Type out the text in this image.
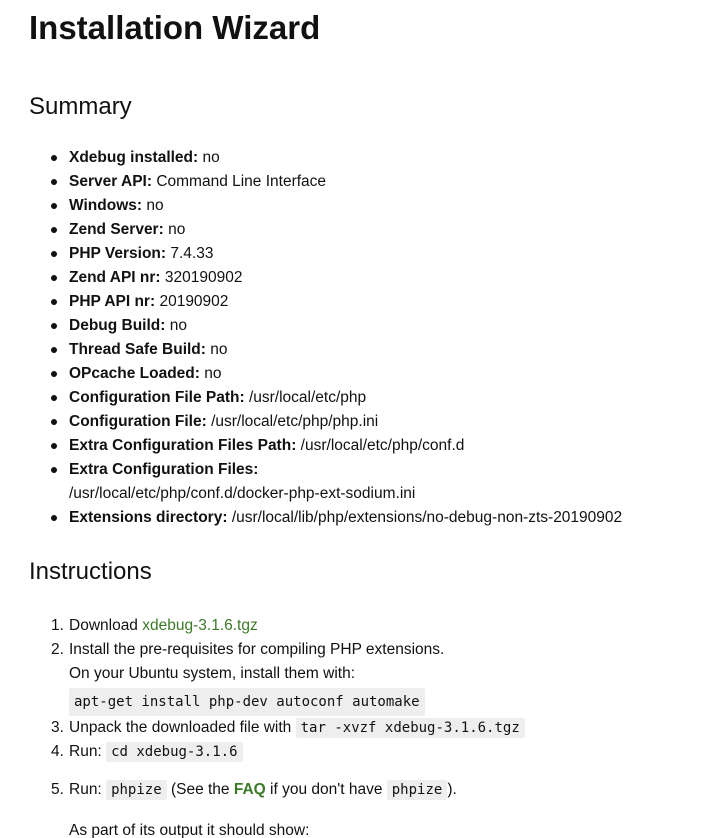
Installation Wizard
Summary
Xdebug installed: no
Server API: Command Line Interface
Windows: no
Zend Server: no
PHP Version: 7.4.33
Zend API nr: 320190902
PHP API nr: 20190902
Debug Build: no
Thread Safe Build: no
OPcache Loaded: no
Configuration File Path: /usr/local/etc/php
Configuration File: /usr/local/etc/php/php.ini
Extra Configuration Files Path: /usr/local/etc/php/conf.d
Extra Configuration Files:
/usr/local/etc/php/conf.d/docker-php-ext-sodium.ini
Extensions directory: /usr/local/lib/php/extensions/no-debug-non-zts-20190902
Instructions
1. Download xdebug-3.1.6.tgz
2. Install the pre-requisites for compiling PHP extensions.
On your Ubuntu system, install them with:
apt-get install php-dev autoconf automake
3. Unpack the downloaded file with tar -xvzf xdebug-3.1.6.tgz
4. Run: cd xdebug-3.1.6
5. Run: phpize (See the FAQ if you don't have phpize ).
As part of its output it should show:
